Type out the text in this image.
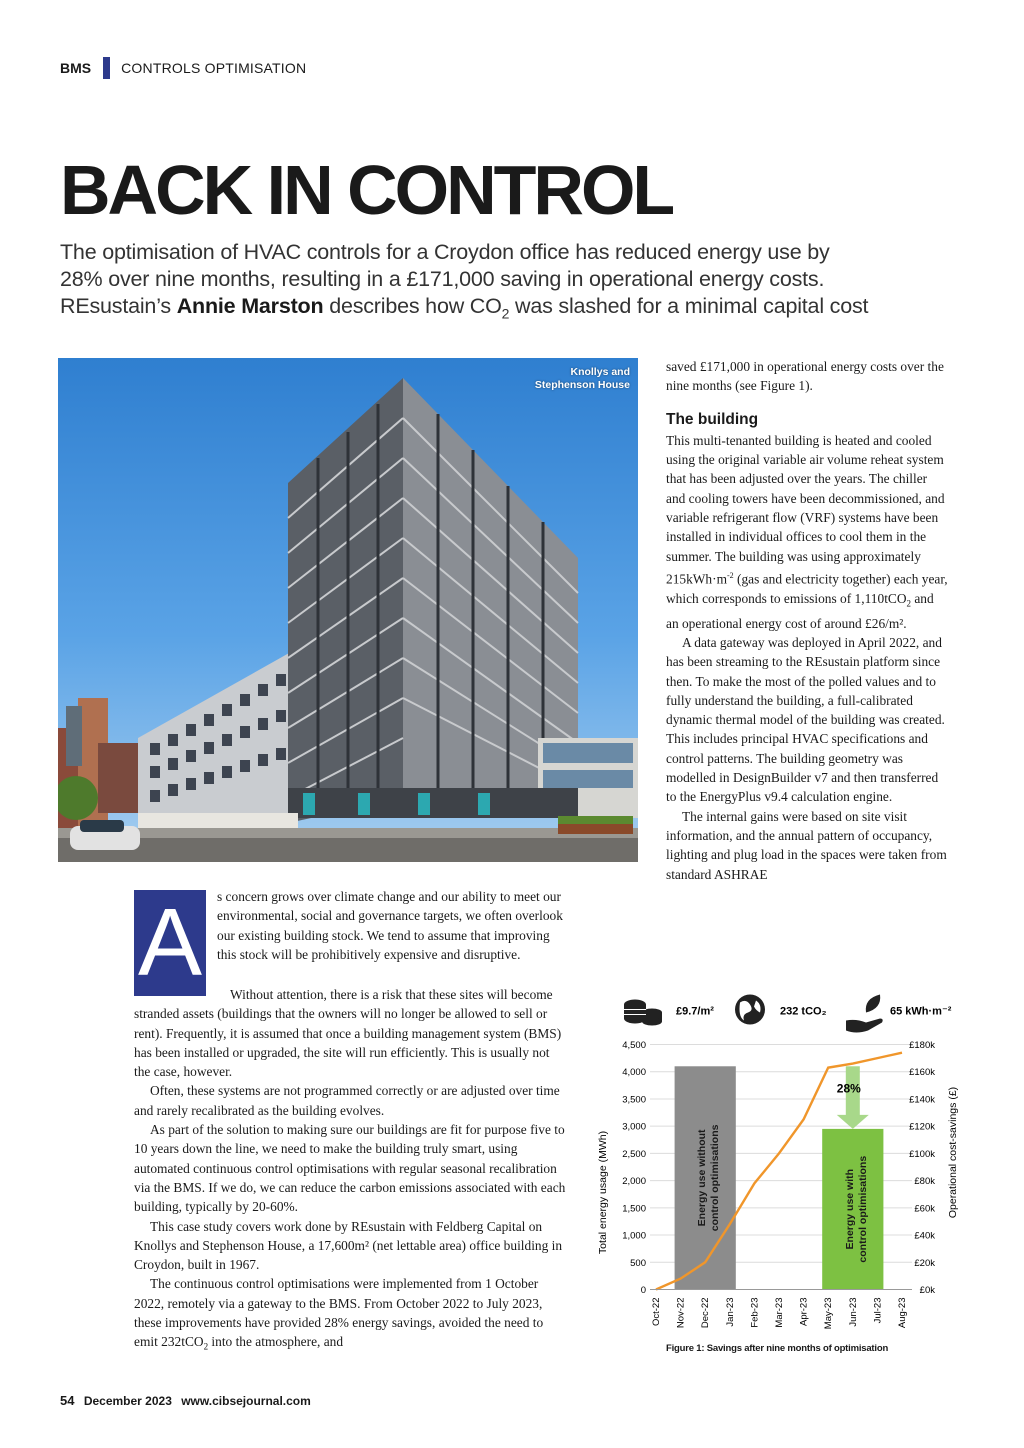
BMS CONTROLS OPTIMISATION
BACK IN CONTROL
The optimisation of HVAC controls for a Croydon office has reduced energy use by
28% over nine months, resulting in a £171,000 saving in operational energy costs.
REsustain’s Annie Marston describes how $CO_2$ was slashed for a minimal capital cost
Knollys and
Stephenson House
A s concern grows over climate change and our ability to meet our environmental, social and governance targets, we often overlook our existing building stock. We tend to assume that improving this stock will be prohibitively expensive and disruptive.

Without attention, there is a risk that these sites will become stranded assets (buildings that the owners will no longer be allowed to sell or rent). Frequently, it is assumed that once a building management system (BMS) has been installed or upgraded, the site will run efficiently. This is usually not the case, however.

Often, these systems are not programmed correctly or are adjusted over time and rarely recalibrated as the building evolves.

As part of the solution to making sure our buildings are fit for purpose five to 10 years down the line, we need to make the building truly smart, using automated continuous control optimisations with regular seasonal recalibration via the BMS. If we do, we can reduce the carbon emissions associated with each building, typically by 20-60%.

This case study covers work done by REsustain with Feldberg Capital on Knollys and Stephenson House, a 17,600m² (net lettable area) office building in Croydon, built in 1967.

The continuous control optimisations were implemented from 1 October 2022, remotely via a gateway to the BMS. From October 2022 to July 2023, these improvements have provided 28% energy savings, avoided the need to emit 232tCO$_2$ into the atmosphere, and

saved £171,000 in operational energy costs over the nine months (see Figure 1).

The building

This multi-tenanted building is heated and cooled using the original variable air volume reheat system that has been adjusted over the years. The chiller and cooling towers have been decommissioned, and variable refrigerant flow (VRF) systems have been installed in individual offices to cool them in the summer. The building was using approximately $215kWh\cdot m^{-2}$ (gas and electricity together) each year, which corresponds to emissions of 1,110tCO$_2$ and an operational energy cost of around £26/m².

A data gateway was deployed in April 2022, and has been streaming to the REsustain platform since then. To make the most of the polled values and to fully understand the building, a full-calibrated dynamic thermal model of the building was created. This includes principal HVAC specifications and control patterns. The building geometry was modelled in DesignBuilder v7 and then transferred to the EnergyPlus v9.4 calculation engine.

The internal gains were based on site visit information, and the annual pattern of occupancy, lighting and plug load in the spaces were taken from standard ASHRAE

£9.7/m²	232 tCO₂	65 kWh·m⁻²
Total energy usage (MWh)	Operational cost-savings (£)
0
500
1,000
1,500
2,000
2,500
3,000
3,500
4,000
4,500
£0k
£20k
£40k
£60k
£80k
£100k
£120k
£140k
£160k
£180k
Energy use withoutcontrol optimisations	Energy use withcontrol optimisations
Oct-22 Nov-22 Dec-22 Jan-23 Feb-23 Mar-23 Apr-23 May-23 Jun-23 Jul-23 Aug-23
28%
Figure 1: Savings after nine months of optimisation
54 December 2023 www.cibsejournal.com
